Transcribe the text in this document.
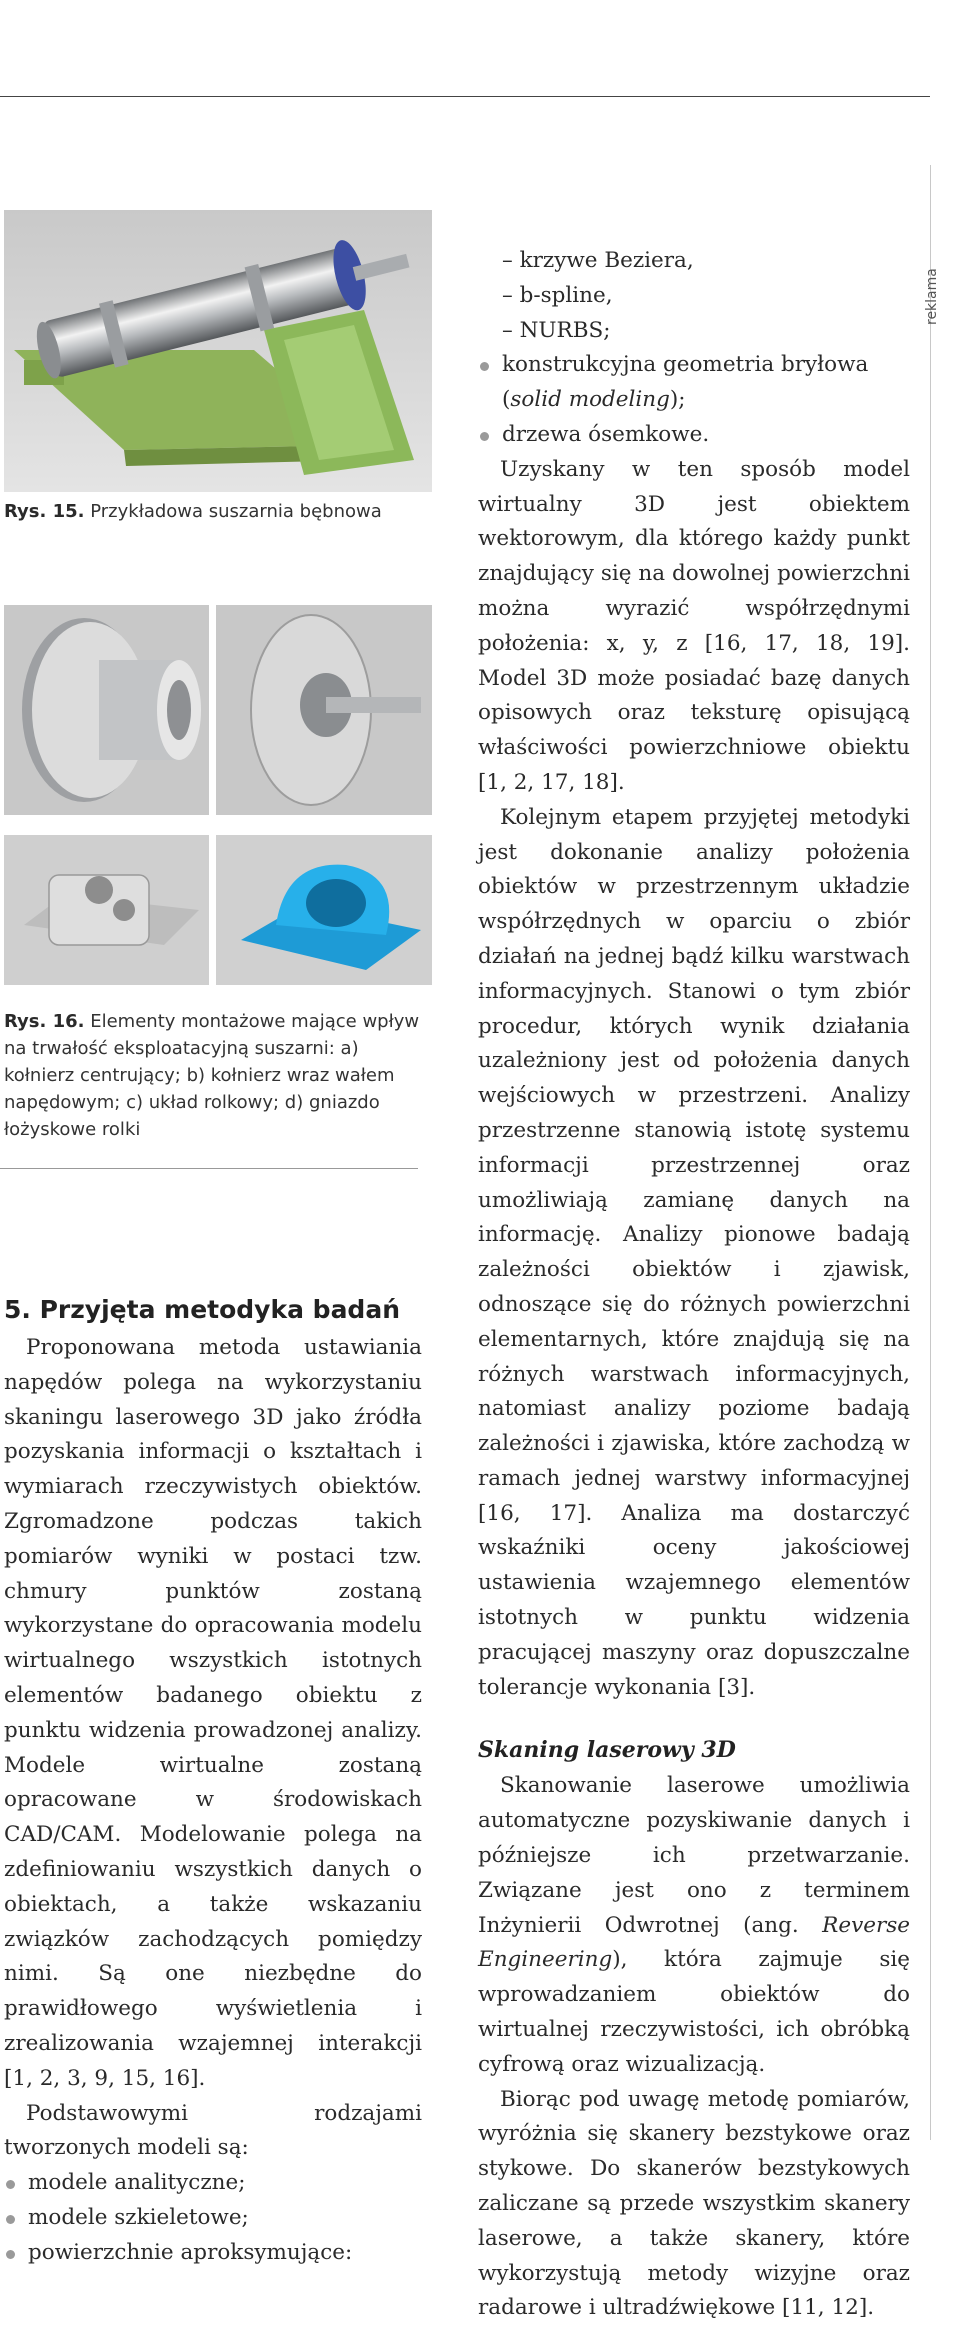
reklama
Rys. 15. Przykładowa suszarnia bębnowa
Rys. 16. Elementy montażowe mające wpływ na trwałość eksploatacyjną suszarni: a) kołnierz centrujący; b) kołnierz wraz wałem napędowym; c) układ rolkowy; d) gniazdo łożyskowe rolki
5. Przyjęta metodyka badań

Proponowana metoda ustawiania napędów polega na wykorzystaniu skaningu laserowego 3D jako źródła pozyskania informacji o kształtach i wymiarach rzeczywistych obiektów. Zgromadzone podczas takich pomiarów wyniki w postaci tzw. chmury punktów zostaną wykorzystane do opracowania modelu wirtualnego wszystkich istotnych elementów badanego obiektu z punktu widzenia prowadzonej analizy. Modele wirtualne zostaną opracowane w środowiskach CAD/CAM. Modelowanie polega na zdefiniowaniu wszystkich danych o obiektach, a także wskazaniu związków zachodzących pomiędzy nimi. Są one niezbędne do prawidłowego wyświetlenia i zrealizowania wzajemnej interakcji [1, 2, 3, 9, 15, 16].

Podstawowymi rodzajami tworzonych modeli są:

modele analityczne;
modele szkieletowe;
powierzchnie aproksymujące:
– krzywe Beziera,
– b-spline,
– NURBS;
konstrukcyjna geometria bryłowa (solid modeling);
drzewa ósemkowe.

Uzyskany w ten sposób model wirtualny 3D jest obiektem wektorowym, dla którego każdy punkt znajdujący się na dowolnej powierzchni można wyrazić współrzędnymi położenia: x, y, z [16, 17, 18, 19]. Model 3D może posiadać bazę danych opisowych oraz teksturę opisującą właściwości powierzchniowe obiektu [1, 2, 17, 18].

Kolejnym etapem przyjętej metodyki jest dokonanie analizy położenia obiektów w przestrzennym układzie współrzędnych w oparciu o zbiór działań na jednej bądź kilku warstwach informacyjnych. Stanowi o tym zbiór procedur, których wynik działania uzależniony jest od położenia danych wejściowych w przestrzeni. Analizy przestrzenne stanowią istotę systemu informacji przestrzennej oraz umożliwiają zamianę danych na informację. Analizy pionowe badają zależności obiektów i zjawisk, odnoszące się do różnych powierzchni elementarnych, które znajdują się na różnych warstwach informacyjnych, natomiast analizy poziome badają zależności i zjawiska, które zachodzą w ramach jednej warstwy informacyjnej [16, 17]. Analiza ma dostarczyć wskaźniki oceny jakościowej ustawienia wzajemnego elementów istotnych w punktu widzenia pracującej maszyny oraz dopuszczalne tolerancje wykonania [3].

Skaning laserowy 3D

Skanowanie laserowe umożliwia automatyczne pozyskiwanie danych i późniejsze ich przetwarzanie. Związane jest ono z terminem Inżynierii Odwrotnej (ang. Reverse Engineering), która zajmuje się wprowadzaniem obiektów do wirtualnej rzeczywistości, ich obróbką cyfrową oraz wizualizacją.

Biorąc pod uwagę metodę pomiarów, wyróżnia się skanery bezstykowe oraz stykowe. Do skanerów bezstykowych zaliczane są przede wszystkim skanery laserowe, a także skanery, które wykorzystują metody wizyjne oraz radarowe i ultradźwiękowe [11, 12].
